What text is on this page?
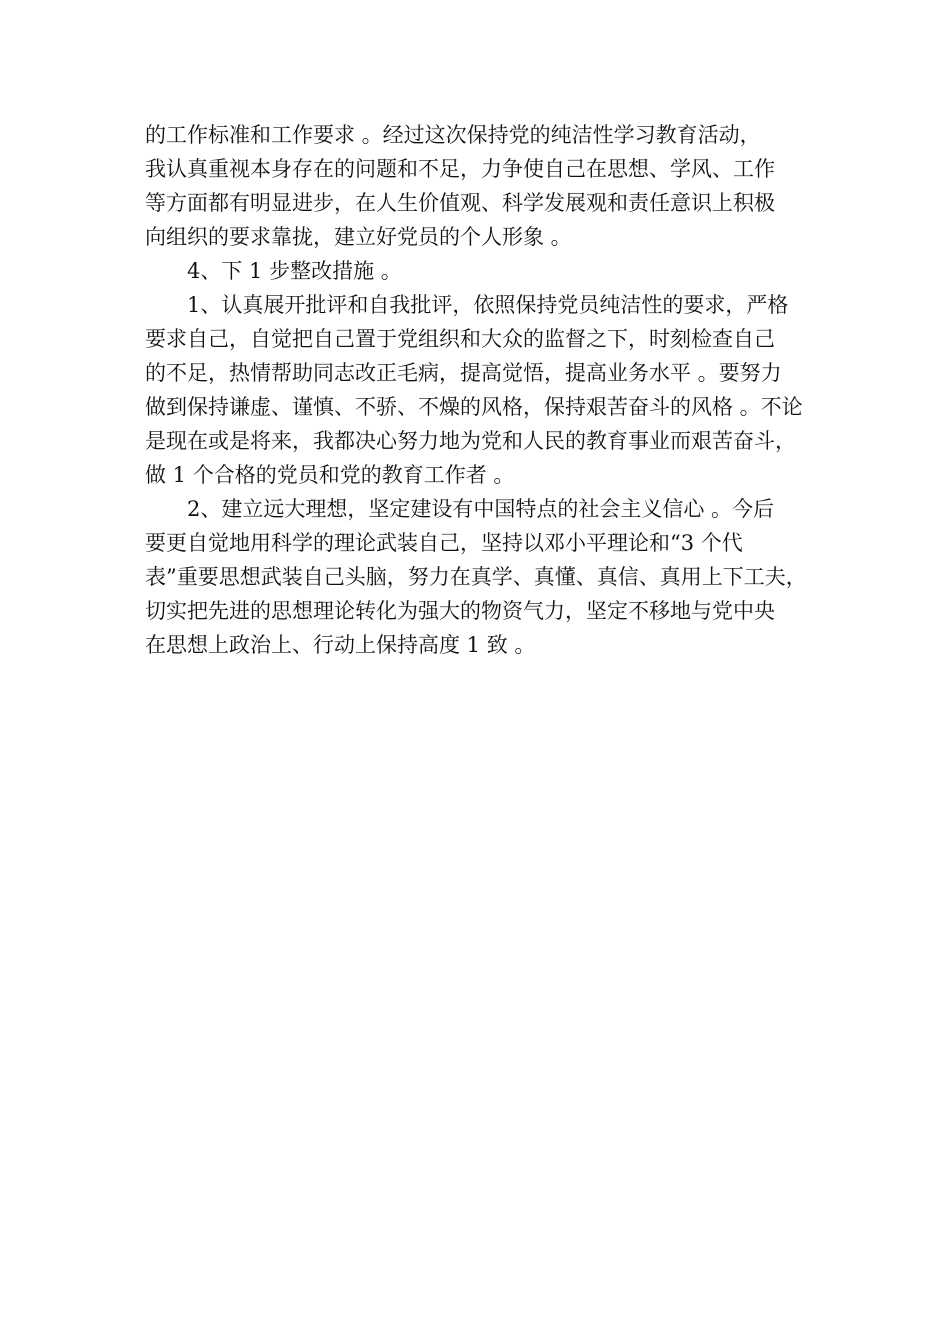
的工作标准和工作要求 。经过这次保持党的纯洁性学习教育活动，
我认真重视本身存在的问题和不足，力争使自己在思想、学风、工作
等方面都有明显进步，在人生价值观、科学发展观和责任意识上积极
向组织的要求靠拢，建立好党员的个人形象 。
4、下 1 步整改措施 。
1、认真展开批评和自我批评，依照保持党员纯洁性的要求，严格
要求自己，自觉把自己置于党组织和大众的监督之下，时刻检查自己
的不足，热情帮助同志改正毛病，提高觉悟，提高业务水平 。要努力
做到保持谦虚、谨慎、不骄、不燥的风格，保持艰苦奋斗的风格 。不论
是现在或是将来，我都决心努力地为党和人民的教育事业而艰苦奋斗，
做 1 个合格的党员和党的教育工作者 。
2、建立远大理想，坚定建设有中国特点的社会主义信心 。今后
要更自觉地用科学的理论武装自己，坚持以邓小平理论和“3 个代
表”重要思想武装自己头脑，努力在真学、真懂、真信、真用上下工夫，
切实把先进的思想理论转化为强大的物资气力，坚定不移地与党中央
在思想上政治上、行动上保持高度 1 致 。
